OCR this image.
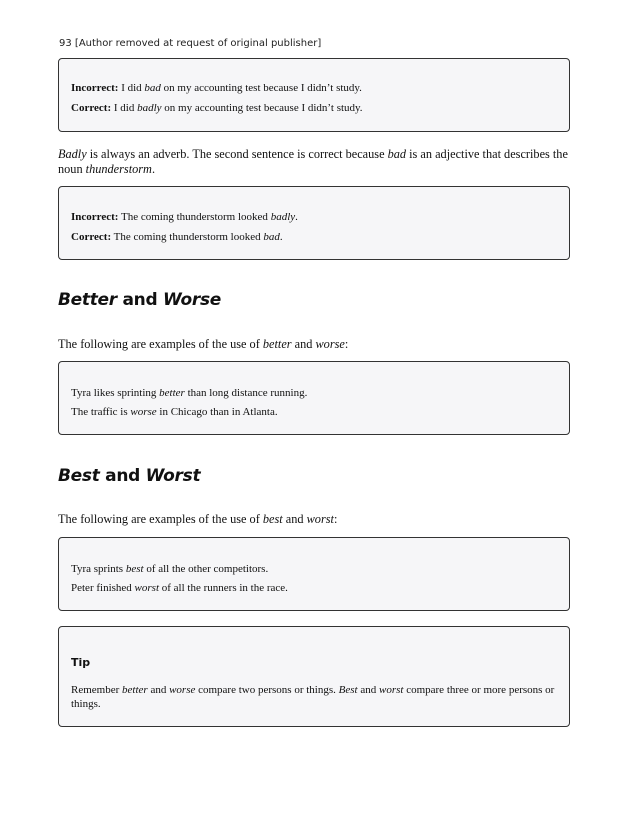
93 [Author removed at request of original publisher]

Incorrect: I did bad on my accounting test because I didn’t study.

Correct: I did badly on my accounting test because I didn’t study.

Badly is always an adverb. The second sentence is correct because bad is an adjective that describes the noun thunderstorm.

Incorrect: The coming thunderstorm looked badly.

Correct: The coming thunderstorm looked bad.

Better and Worse

The following are examples of the use of better and worse:

Tyra likes sprinting better than long distance running.

The traffic is worse in Chicago than in Atlanta.

Best and Worst

The following are examples of the use of best and worst:

Tyra sprints best of all the other competitors.

Peter finished worst of all the runners in the race.

Tip

Remember better and worse compare two persons or things. Best and worst compare three or more persons or things.
